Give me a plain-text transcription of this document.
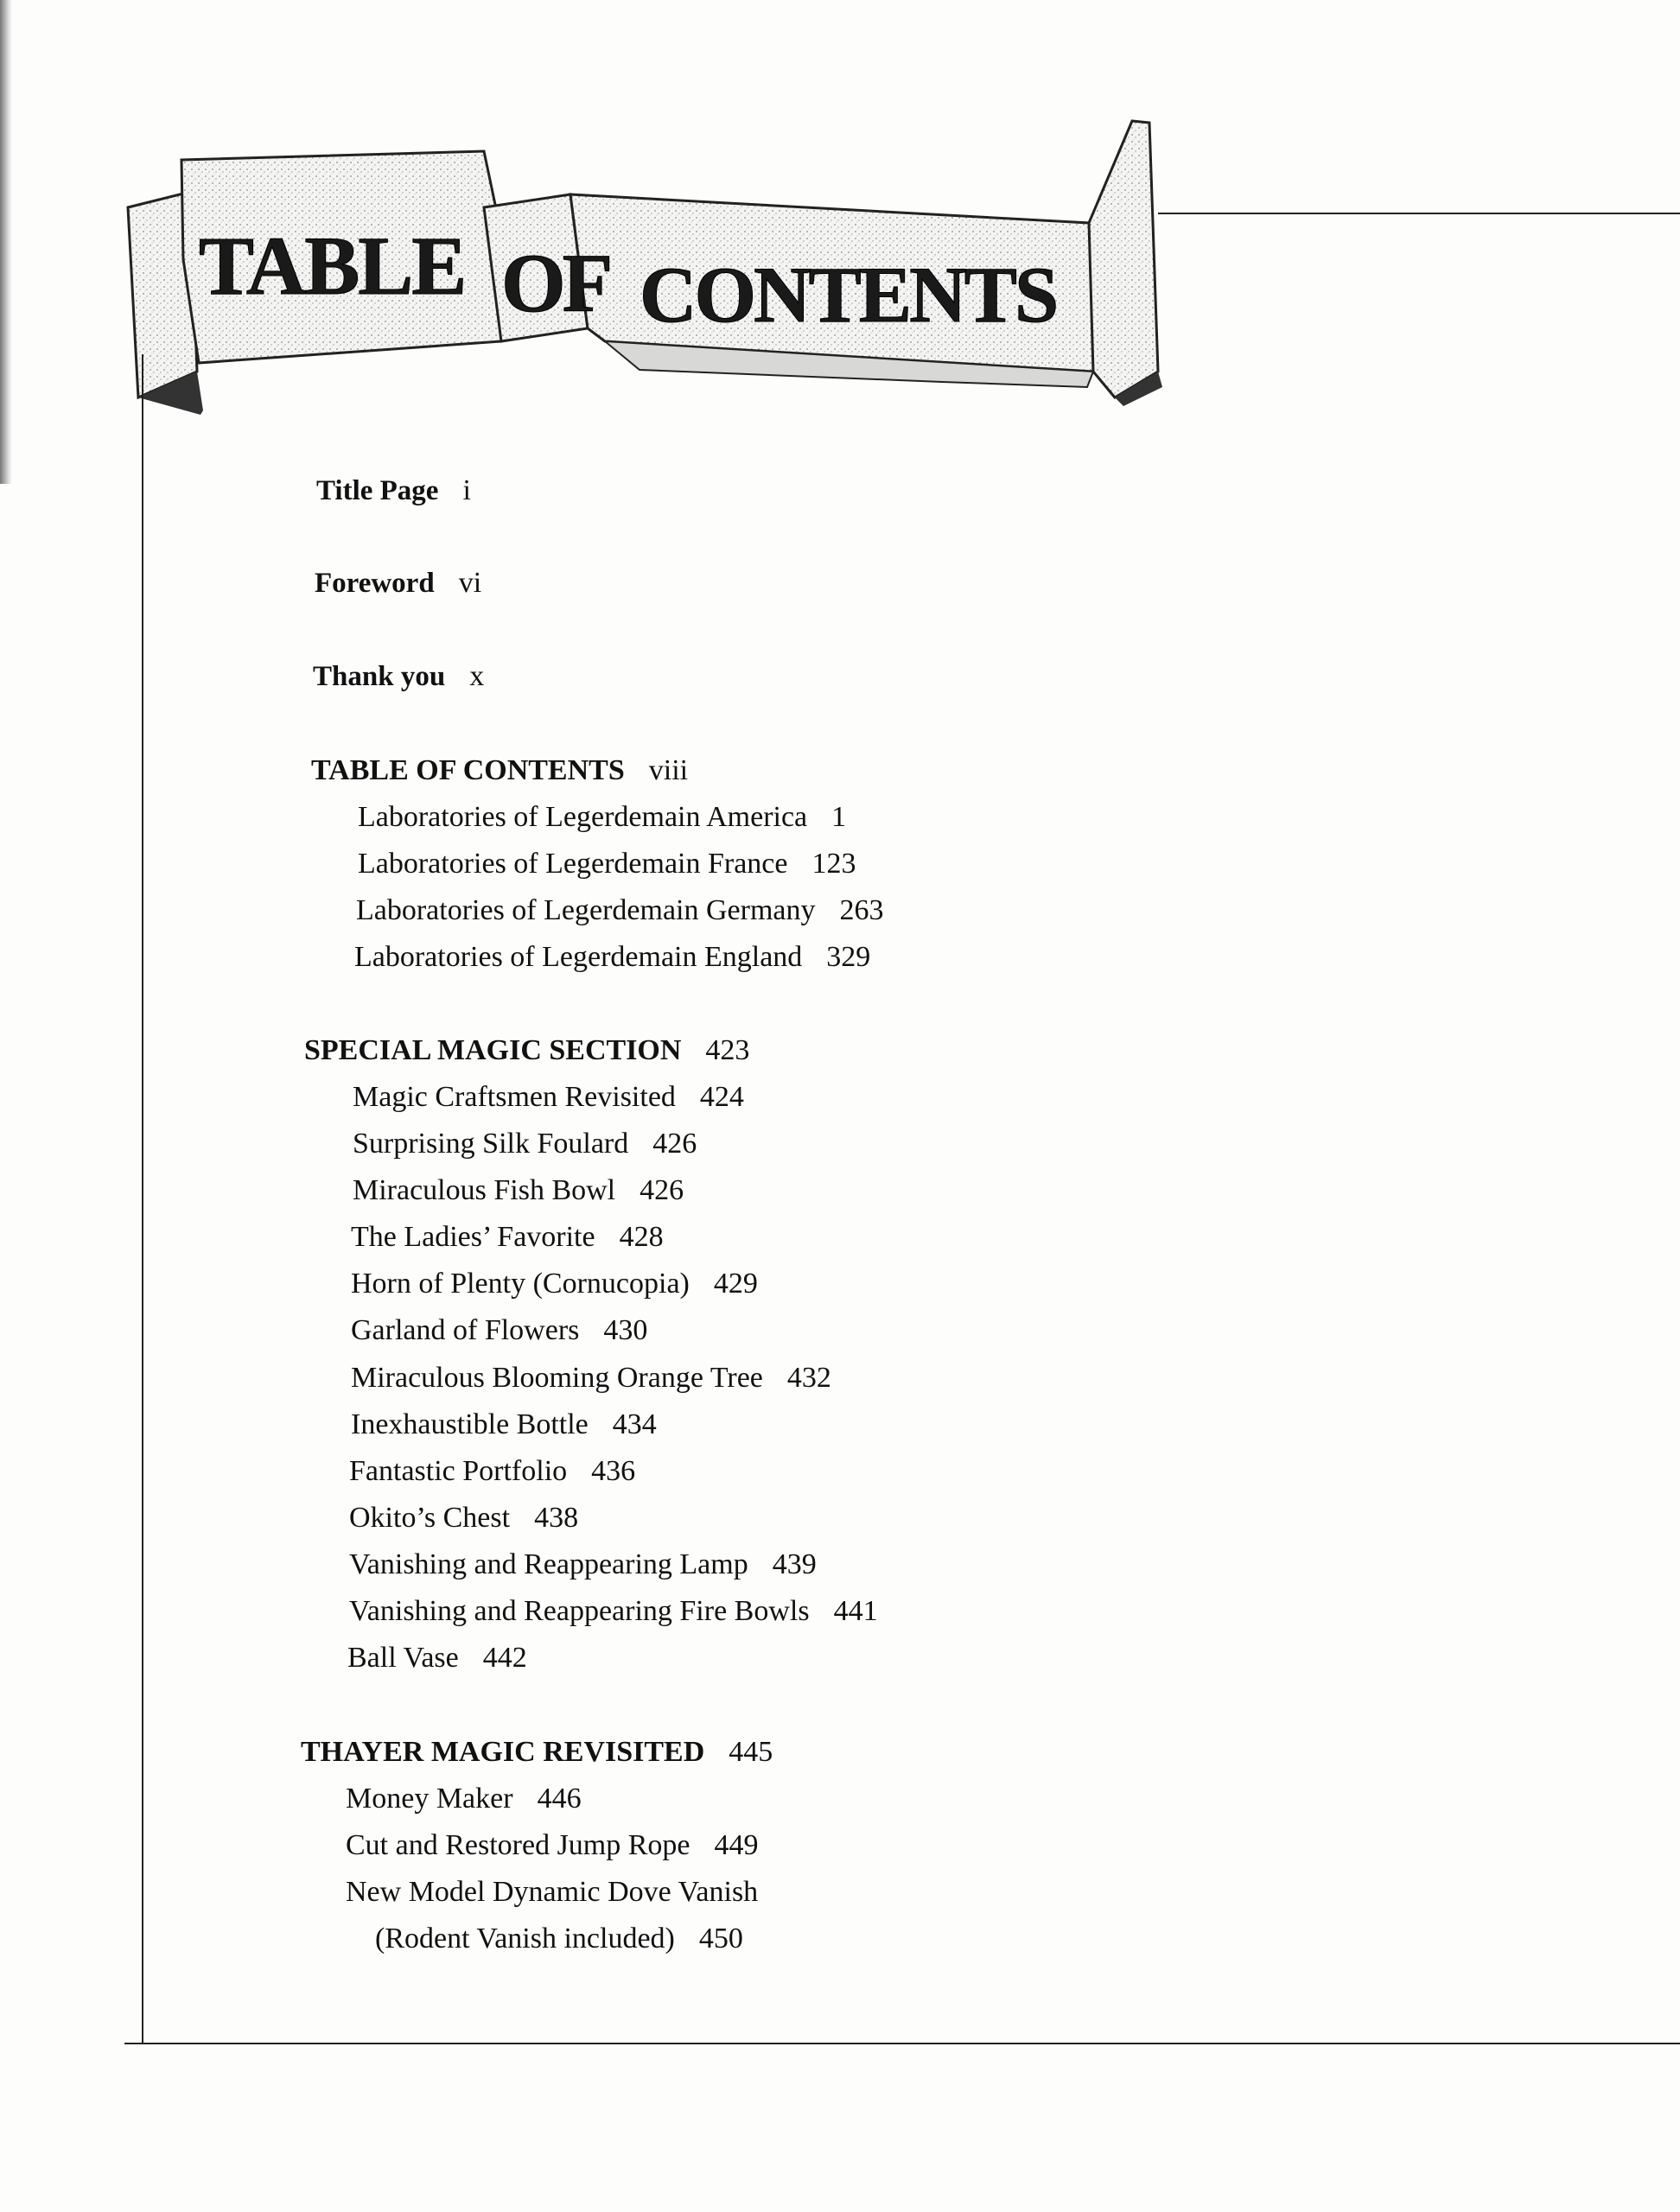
TABLE OF CONTENTS
Title Page i
Foreword vi
Thank you x
TABLE OF CONTENTS viii
Laboratories of Legerdemain America 1
Laboratories of Legerdemain France 123
Laboratories of Legerdemain Germany 263
Laboratories of Legerdemain England 329
SPECIAL MAGIC SECTION 423
Magic Craftsmen Revisited 424
Surprising Silk Foulard 426
Miraculous Fish Bowl 426
The Ladies’ Favorite 428
Horn of Plenty (Cornucopia) 429
Garland of Flowers 430
Miraculous Blooming Orange Tree 432
Inexhaustible Bottle 434
Fantastic Portfolio 436
Okito’s Chest 438
Vanishing and Reappearing Lamp 439
Vanishing and Reappearing Fire Bowls 441
Ball Vase 442
THAYER MAGIC REVISITED 445
Money Maker 446
Cut and Restored Jump Rope 449
New Model Dynamic Dove Vanish
(Rodent Vanish included) 450
